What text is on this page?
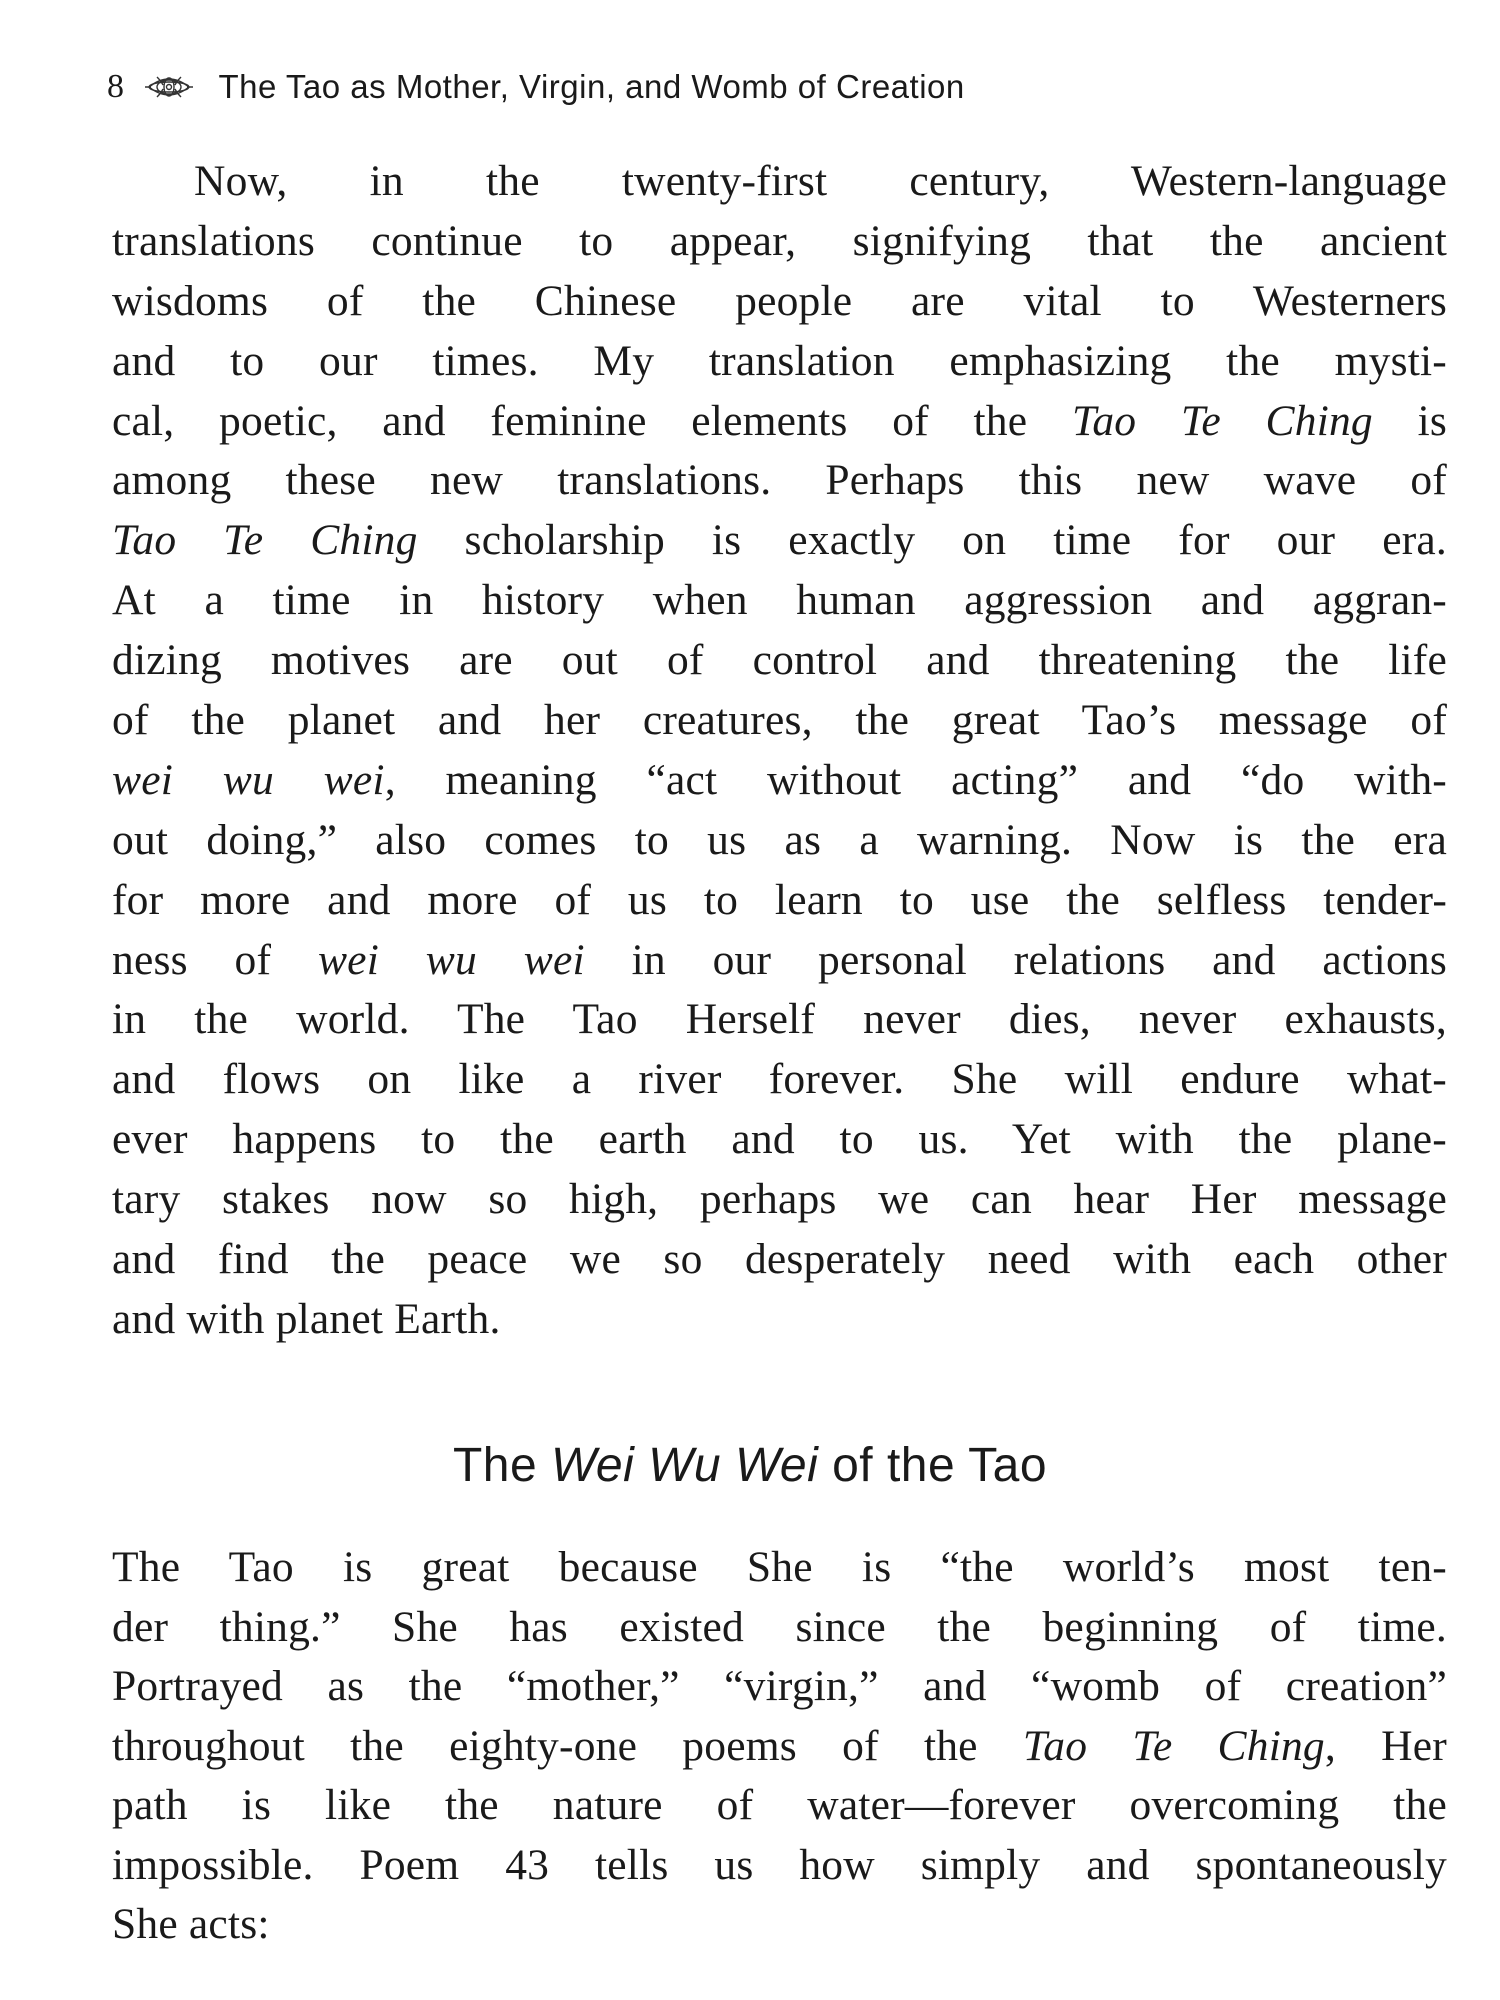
8	The Tao as Mother, Virgin, and Womb of Creation
Now, in the twenty-first century, Western-language
translations continue to appear, signifying that the ancient
wisdoms of the Chinese people are vital to Westerners
and to our times. My translation emphasizing the mysti-
cal, poetic, and feminine elements of the Tao Te Ching is
among these new translations. Perhaps this new wave of
Tao Te Ching scholarship is exactly on time for our era.
At a time in history when human aggression and aggran-
dizing motives are out of control and threatening the life
of the planet and her creatures, the great Tao’s message of
wei wu wei, meaning “act without acting” and “do with-
out doing,” also comes to us as a warning. Now is the era
for more and more of us to learn to use the selfless tender-
ness of wei wu wei in our personal relations and actions
in the world. The Tao Herself never dies, never exhausts,
and flows on like a river forever. She will endure what-
ever happens to the earth and to us. Yet with the plane-
tary stakes now so high, perhaps we can hear Her message
and find the peace we so desperately need with each other
and with planet Earth.
The Wei Wu Wei of the Tao
The Tao is great because She is “the world’s most ten-
der thing.” She has existed since the beginning of time.
Portrayed as the “mother,” “virgin,” and “womb of creation”
throughout the eighty-one poems of the Tao Te Ching, Her
path is like the nature of water—forever overcoming the
impossible. Poem 43 tells us how simply and spontaneously
She acts:
